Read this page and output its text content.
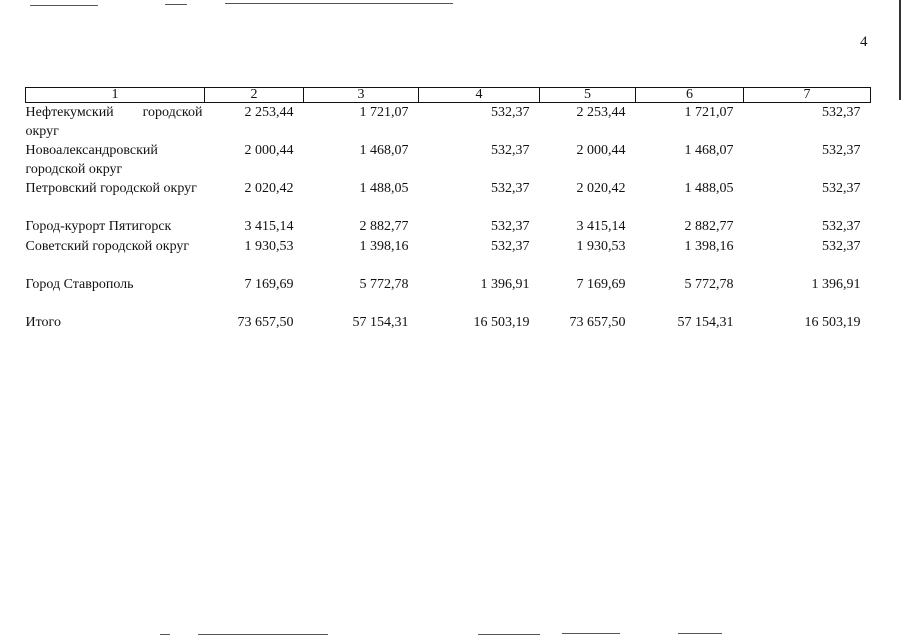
4
1	2	3	4	5	6	7
Нефтекумский городской округ	2 253,44	1 721,07	532,37	2 253,44	1 721,07	532,37
Новоалександровский городской округ	2 000,44	1 468,07	532,37	2 000,44	1 468,07	532,37
Петровский городской округ	2 020,42	1 488,05	532,37	2 020,42	1 488,05	532,37
Город-курорт Пятигорск	3 415,14	2 882,77	532,37	3 415,14	2 882,77	532,37
Советский городской округ	1 930,53	1 398,16	532,37	1 930,53	1 398,16	532,37
Город Ставрополь	7 169,69	5 772,78	1 396,91	7 169,69	5 772,78	1 396,91
Итого	73 657,50	57 154,31	16 503,19	73 657,50	57 154,31	16 503,19
